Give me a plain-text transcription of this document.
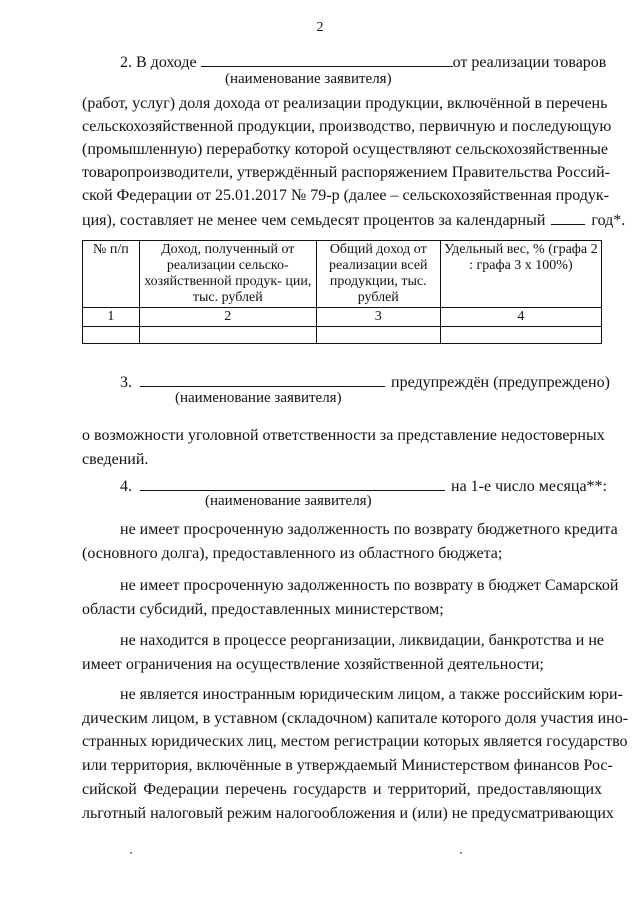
2
2. В доходе	от реализации товаров
(наименование заявителя)
(работ, услуг) доля дохода от реализации продукции, включённой в перечень
сельскохозяйственной продукции, производство, первичную и последующую
(промышленную) переработку которой осуществляют сельскохозяйственные
товаропроизводители, утверждённый распоряжением Правительства Россий-
ской Федерации от 25.01.2017 № 79-р (далее – сельскохозяйственная продук-
ция), составляет не менее чем семьдесят процентов за календарный	год*.
№ п/п	Доход, полученный от реализации сельско- хозяйственной продук- ции, тыс. рублей	Общий доход от реализации всей продукции, тыс. рублей	Удельный вес, % (графа 2 : графа 3 х 100%)
1	2	3	4

3.	предупреждён (предупреждено)
(наименование заявителя)
о возможности уголовной ответственности за представление недостоверных
сведений.
4.	на 1-е число месяца**:
(наименование заявителя)
не имеет просроченную задолженность по возврату бюджетного кредита
(основного долга), предоставленного из областного бюджета;
не имеет просроченную задолженность по возврату в бюджет Самарской
области субсидий, предоставленных министерством;
не находится в процессе реорганизации, ликвидации, банкротства и не
имеет ограничения на осуществление хозяйственной деятельности;
не является иностранным юридическим лицом, а также российским юри-
дическим лицом, в уставном (складочном) капитале которого доля участия ино-
странных юридических лиц, местом регистрации которых является государство
или территория, включённые в утверждаемый Министерством финансов Рос-
сийской Федерации перечень государств и территорий, предоставляющих
льготный налоговый режим налогообложения и (или) не предусматривающих
